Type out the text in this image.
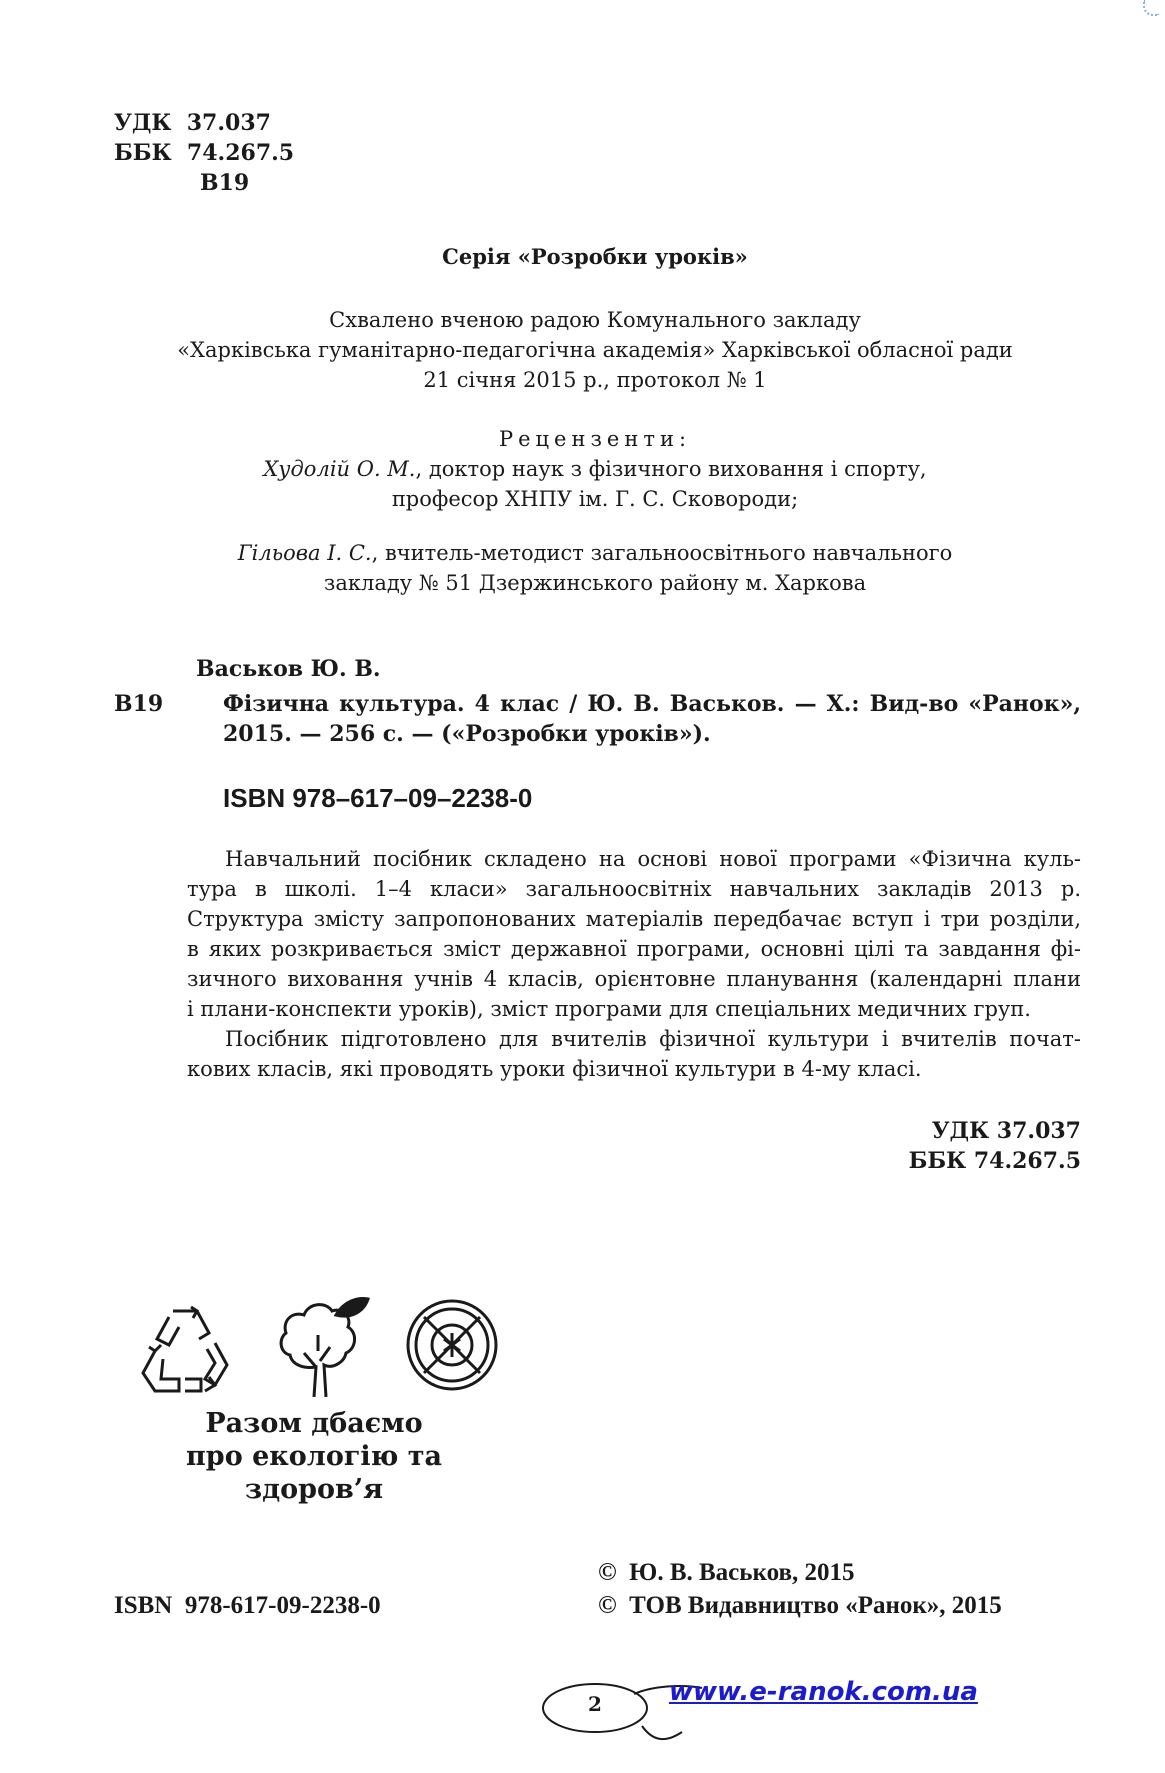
УДК  37.037
ББК  74.267.5
В19
Серія «Розробки уроків»
Схвалено вченою радою Комунального закладу
«Харківська гуманітарно-педагогічна академія» Харківської обласної ради
21 січня 2015 р., протокол № 1
Рецензенти:
Худолій О. М., доктор наук з фізичного виховання і спорту,
професор ХНПУ ім. Г. С. Сковороди;
Гільова І. С., вчитель-методист загальноосвітнього навчального
закладу № 51 Дзержинського району м. Харкова
Васьков Ю. В.
В19	Фізична культура. 4 клас / Ю. В. Васьков. — Х.: Вид-во «Ранок»,
2015. — 256 с. — («Розробки уроків»).
ISBN 978–617–09–2238-0
Навчальний посібник складено на основі нової програми «Фізична куль-
тура в школі. 1–4 класи» загальноосвітніх навчальних закладів 2013 р.
Структура змісту запропонованих матеріалів передбачає вступ і три розділи,
в яких розкривається зміст державної програми, основні цілі та завдання фі-
зичного виховання учнів 4 класів, орієнтовне планування (календарні плани
і плани-конспекти уроків), зміст програми для спеціальних медичних груп.
Посібник підготовлено для вчителів фізичної культури і вчителів почат-
кових класів, які проводять уроки фізичної культури в 4-му класі.
УДК 37.037
ББК 74.267.5
Разом дбаємо
про екологію та здоров’я
©  Ю. В. Васьков, 2015
©  ТОВ Видавництво «Ранок», 2015
ISBN  978-617-09-2238-0
2	www.e-ranok.com.ua
